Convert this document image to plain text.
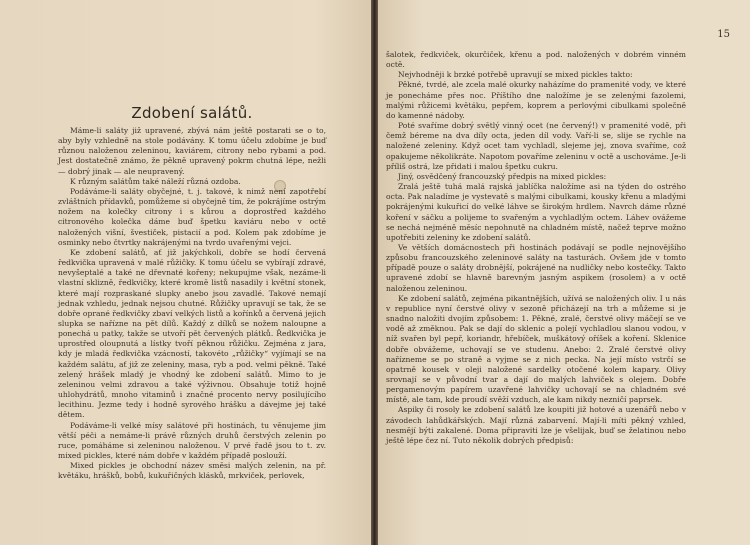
Zdobení salátů.

Máme-li saláty již upravené, zbývá nám ještě postarati se o to, aby byly vzhledně na stole podávány. K tomu účelu zdobíme je buď různou naloženou zeleninou, kaviárem, citrony nebo rybami a pod. Jest dostatečně známo, že pěkně upravený pokrm chutná lépe, nežli — dobrý jinak — ale neupravený.

K různým salátům také náleží různá ozdoba.

Podáváme-li saláty obyčejné, t. j. takové, k nimž není zapotřebí zvláštních přídavků, pomůžeme si obyčejně tím, že pokrájíme ostrým nožem na kolečky citrony i s kůrou a doprostřed každého citronového kolečka dáme buď špetku kaviáru nebo v octě naložených višní, švestiček, pistacií a pod. Kolem pak zdobíme je osminky nebo čtvrtky nakrájenými na tvrdo uvařenými vejci.

Ke zdobení salátů, ať již jakýchkoli, dobře se hodí červená ředkvička upravená v malé růžičky. K tomu účelu se vybírají zdravé, nevyšeptalé a také ne dřevnaté kořeny; nekupujme však, nezáme-li vlastní sklizně, ředkvičky, které kromě listů nasadily i květní stonek, které mají rozpraskané slupky anebo jsou zavadlé. Takové nemají jednak vzhledu, jednak nejsou chutné. Růžičky upravují se tak, že se dobře oprané ředkvičky zbaví velkých listů a kořínků a červená jejich slupka se nařízne na pět dílů. Každý z dílků se nožem naloupne a ponechá u patky, takže se utvoří pět červených plátků. Ředkvička je uprostřed oloupnutá a lístky tvoří pěknou růžičku. Zejména z jara, kdy je mladá ředkvička vzácností, takovéto „růžičky“ vyjímají se na každém salátu, ať již ze zeleniny, masa, ryb a pod. velmi pěkně. Také zelený hrášek mladý je vhodný ke zdobení salátů. Mimo to je zeleninou velmi zdravou a také výživnou. Obsahuje totiž hojně uhlohydrátů, mnoho vitaminů i značné procento nervy posilujícího lecithinu. Jezme tedy i hodně syrového hrášku a dávejme jej také dětem.

Podáváme-li velké mísy salátové při hostinách, tu věnujeme jim větší péči a nemáme-li právě různých druhů čerstvých zelenin po ruce, pomáháme si zeleninou naloženou. V prvé řadě jsou to t. zv. mixed pickles, které nám dobře v každém případě poslouží.

Mixed pickles je obchodní název směsi malých zelenin, na př. květáku, hrášků, bobů, kukuřičných klásků, mrkviček, perlovek,

15

šalotek, ředkviček, okurčiček, křenu a pod. naložených v dobrém vinném octě.

Nejvhodněji k brzké potřebě upravují se mixed pickles takto:

Pěkné, tvrdé, ale zcela malé okurky naházíme do pramenité vody, ve které je ponecháme přes noc. Příštího dne naložíme je se zelenými fazolemi, malými růžicemi květáku, pepřem, koprem a perlovými cibulkami společně do kamenné nádoby.

Poté svaříme dobrý světlý vinný ocet (ne červený!) v pramenité vodě, při čemž béreme na dva díly octa, jeden díl vody. Vaří-li se, slije se rychle na naložené zeleniny. Když ocet tam vychladl, slejeme jej, znova svaříme, což opakujeme několikráte. Napotom povaříme zeleninu v octě a uschováme. Je-li příliš ostrá, lze přidati i malou špetku cukru.

Jiný, osvědčený francouzský předpis na mixed pickles:

Zralá ještě tuhá malá rajská jablíčka naložíme asi na týden do ostrého octa. Pak naladíme je vystevatě s malými cibulkami, kousky křenu a mladými pokrájenými kukuřicí do velké láhve se širokým hrdlem. Navrch dáme různé koření v sáčku a polijeme to svařeným a vychladlým octem. Láhev ovážeme se nechá nejméně měsíc nepohnutě na chladném místě, načež teprve možno upotřebiti zeleniny ke zdobení salátů.

Ve větších domácnostech při hostinách podávají se podle nejnovějšího způsobu francouzského zeleninové saláty na tasturách. Ovšem jde v tomto případě pouze o saláty drobnější, pokrájené na nudličky nebo kostečky. Takto upravené zdobí se hlavně barevným jasným aspikem (rosolem) a v octě naloženou zeleninou.

Ke zdobení salátů, zejména pikantnějších, užívá se naložených oliv. I u nás v republice nyní čerstvé olivy v sezoně přicházejí na trh a můžeme si je snadno naložiti dvojím způsobem: 1. Pěkné, zralé, čerstvé olivy máčejí se ve vodě až změknou. Pak se dají do sklenic a polejí vychladlou slanou vodou, v níž svařen byl pepř, koriandr, hřebíček, muškátový oříšek a koření. Sklenice dobře obvážeme, uchovají se ve studenu. Anebo: 2. Zralé čerstvé olivy nařízneme se po straně a vyjme se z nich pecka. Na její místo vstrčí se opatrně kousek v oleji naložené sardelky otočené kolem kapary. Olivy srovnají se v původní tvar a dají do malých lahviček s olejem. Dobře pergamenovým papírem uzavřené lahvičky uchovají se na chladném své místě, ale tam, kde proudí svěží vzduch, ale kam nikdy nezničí paprsek.

Aspiky či rosoly ke zdobení salátů lze koupiti již hotové a uzenářů nebo v závodech lahůdkářských. Mají různá zabarvení. Mají-li míti pěkný vzhled, nesmějí býti zakalené. Doma připraviti lze je všelijak, buď se želatinou nebo ještě lépe čez ní. Tuto několik dobrých předpisů:
